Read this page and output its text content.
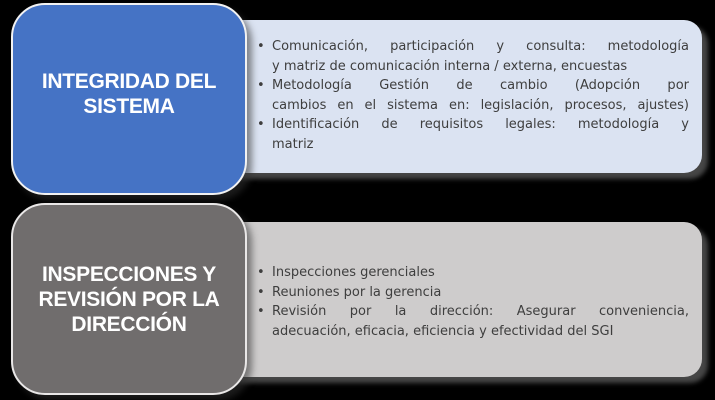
INTEGRIDAD DEL
SISTEMA
• Comunicación, participación y consulta: metodología
y matriz de comunicación interna / externa, encuestas
• Metodología Gestión de cambio (Adopción por
cambios en el sistema en: legislación, procesos, ajustes)
• Identificación de requisitos legales: metodología y
matriz
INSPECCIONES Y
REVISIÓN POR LA
DIRECCIÓN
• Inspecciones gerenciales
• Reuniones por la gerencia
• Revisión por la dirección: Asegurar conveniencia,
adecuación, eficacia, eficiencia y efectividad del SGI
